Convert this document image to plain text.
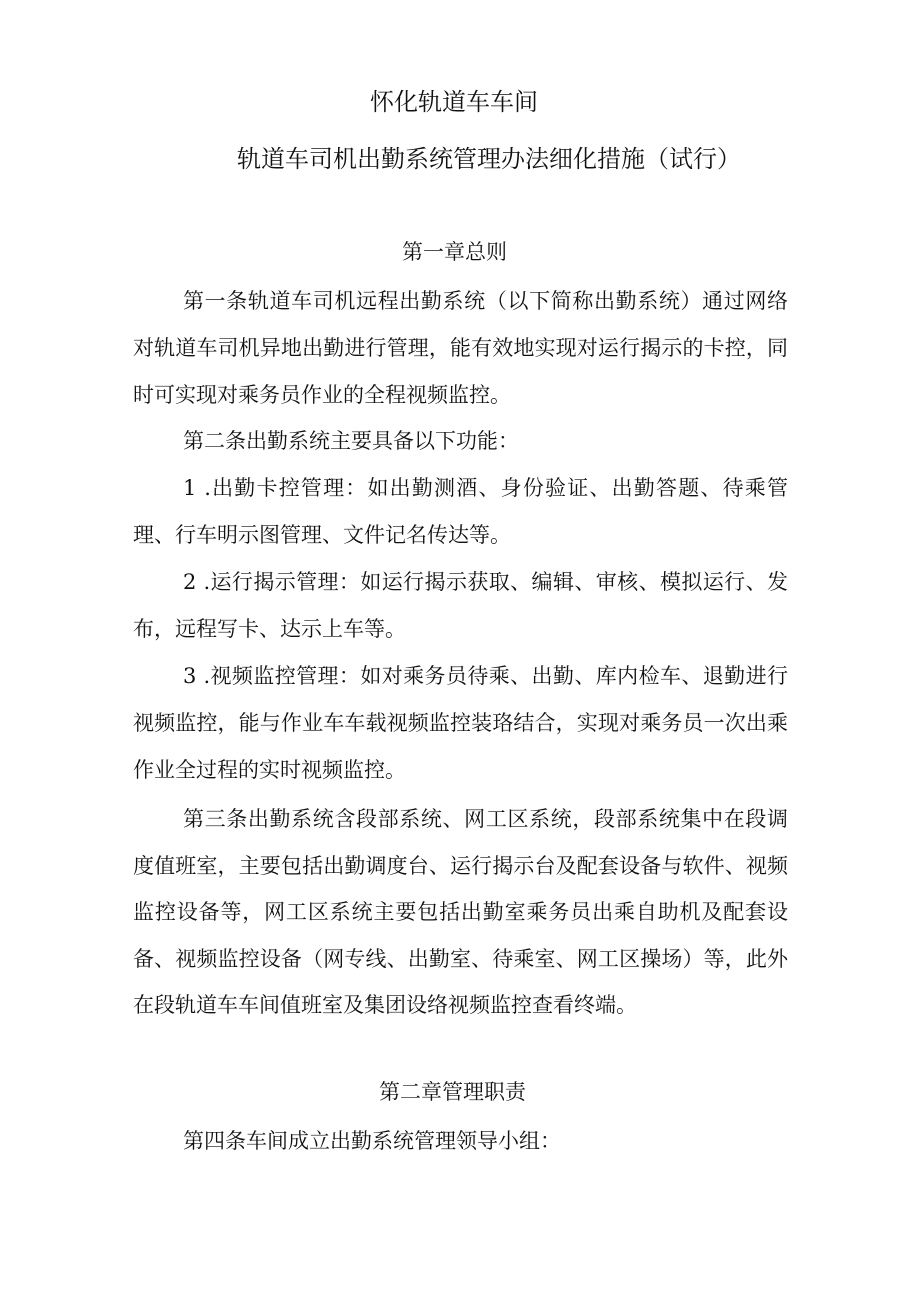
怀化轨道车车间
轨道车司机出勤系统管理办法细化措施（试行）
第一章总则

第一条轨道车司机远程出勤系统（以下简称出勤系统）通过网络对轨道车司机异地出勤进行管理，能有效地实现对运行揭示的卡控，同时可实现对乘务员作业的全程视频监控。

第二条出勤系统主要具备以下功能：

1 .出勤卡控管理：如出勤测酒、身份验证、出勤答题、待乘管理、行车明示图管理、文件记名传达等。

2 .运行揭示管理：如运行揭示获取、编辑、审核、模拟运行、发布，远程写卡、达示上车等。

3 .视频监控管理：如对乘务员待乘、出勤、库内检车、退勤进行视频监控，能与作业车车载视频监控装珞结合，实现对乘务员一次出乘作业全过程的实时视频监控。

第三条出勤系统含段部系统、网工区系统，段部系统集中在段调度值班室，主要包括出勤调度台、运行揭示台及配套设备与软件、视频监控设备等，网工区系统主要包括出勤室乘务员出乘自助机及配套设备、视频监控设备（网专线、出勤室、待乘室、网工区操场）等，此外在段轨道车车间值班室及集团设络视频监控查看终端。

第二章管理职责

第四条车间成立出勤系统管理领导小组：
